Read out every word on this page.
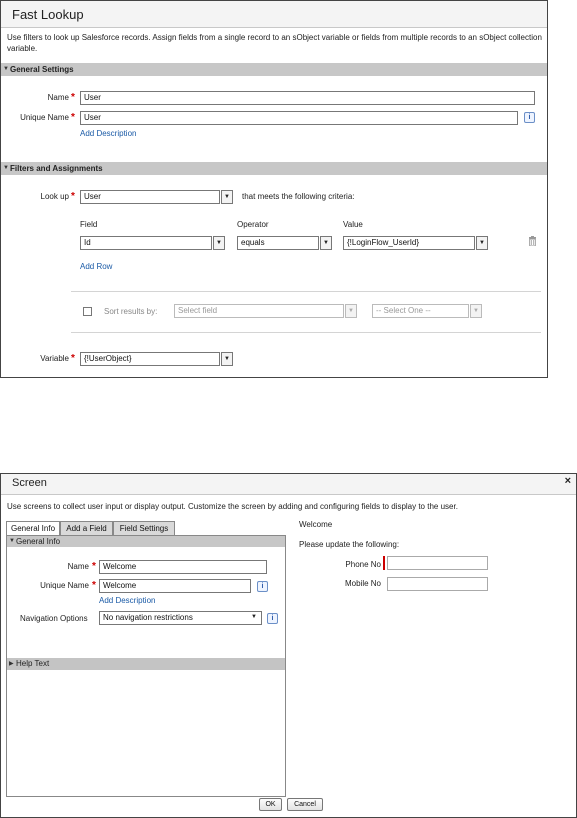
Fast Lookup
Use filters to look up Salesforce records. Assign fields from a single record to an sObject variable or fields from multiple records to an sObject collection variable.
▼ General Settings
Name *	User
Unique Name *	User	i
Add Description
▼ Filters and Assignments
Look up *	User	▼	that meets the following criteria:
Field	Operator	Value
Id	▼	equals	▼	{!LoginFlow_UserId}	▼
Add Row
Sort results by:	Select field	▼	-- Select One --	▼
Variable *	{!UserObject}	▼
Screen	×
Use screens to collect user input or display output. Customize the screen by adding and configuring fields to display to the user.
General Info	Add a Field	Field Settings
▼ General Info
Name * Welcome
Unique Name * Welcome	i
Add Description
Navigation Options	No navigation restrictions	▼	i
▶ Help Text
Welcome
Please update the following:
Phone No
Mobile No
OK	Cancel
